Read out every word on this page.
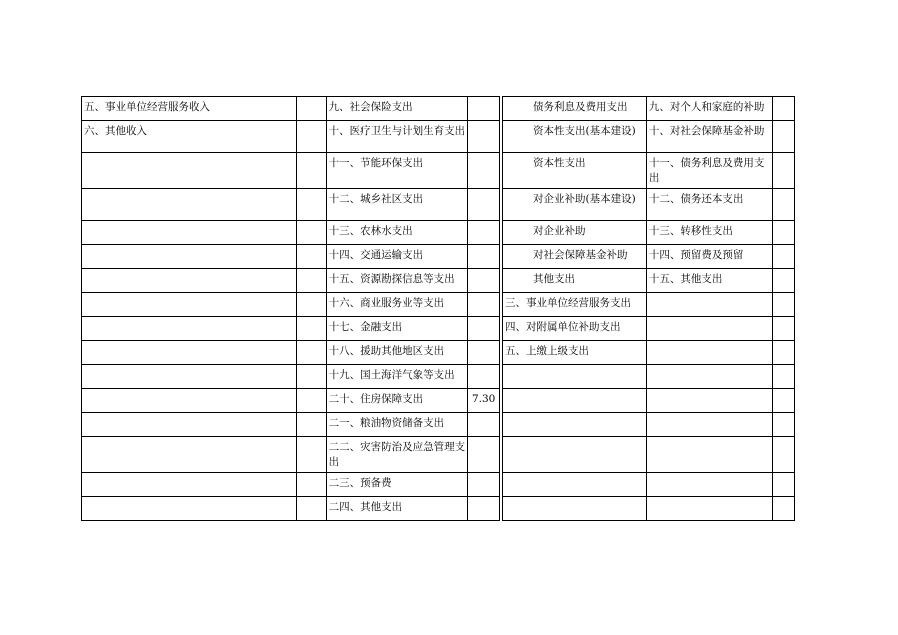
五、事业单位经营服务收入		九、社会保险支出			债务利息及费用支出	九、对个人和家庭的补助	
六、其他收入		十、医疗卫生与计划生育支出			资本性支出(基本建设)	十、对社会保障基金补助	
		十一、节能环保支出			资本性支出	十一、债务利息及费用支出	
		十二、城乡社区支出			对企业补助(基本建设)	十二、债务还本支出	
		十三、农林水支出			对企业补助	十三、转移性支出	
		十四、交通运输支出			对社会保障基金补助	十四、预留费及预留	
		十五、资源勘探信息等支出			其他支出	十五、其他支出	
		十六、商业服务业等支出			三、事业单位经营服务支出		
		十七、金融支出			四、对附属单位补助支出		
		十八、援助其他地区支出			五、上缴上级支出		
		十九、国土海洋气象等支出					
		二十、住房保障支出	7.30				
		二一、粮油物资储备支出					
		二二、灾害防治及应急管理支出					
		二三、预备费					
		二四、其他支出					
